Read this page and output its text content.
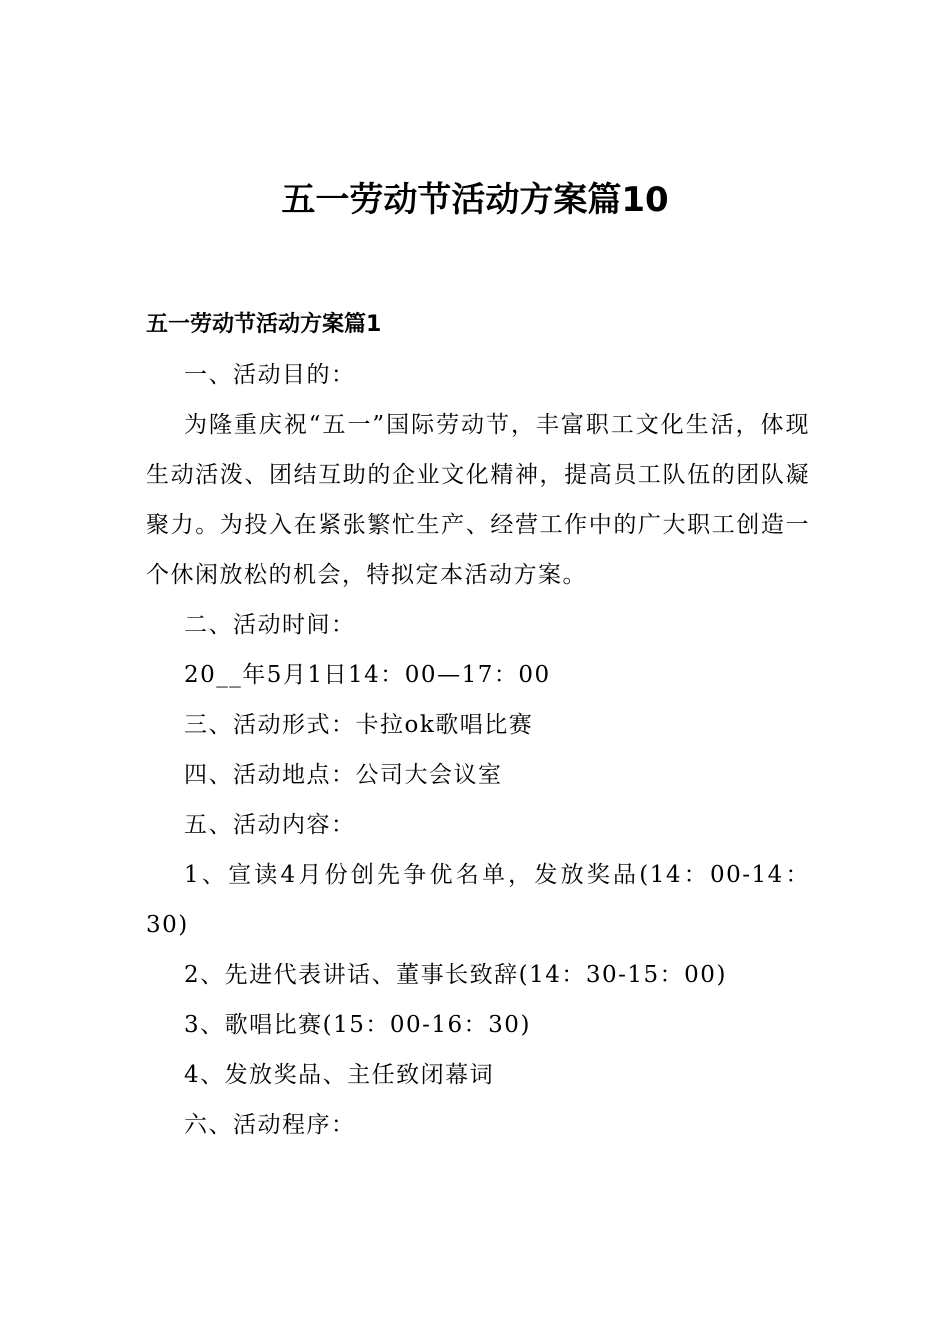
五一劳动节活动方案篇10
五一劳动节活动方案篇1

一、活动目的：

为隆重庆祝“五一”国际劳动节，丰富职工文化生活，体现生动活泼、团结互助的企业文化精神，提高员工队伍的团队凝聚力。为投入在紧张繁忙生产、经营工作中的广大职工创造一个休闲放松的机会，特拟定本活动方案。

二、活动时间：

20__年5月1日14：00—17：00

三、活动形式：卡拉ok歌唱比赛

四、活动地点：公司大会议室

五、活动内容：

1、宣读4月份创先争优名单，发放奖品(14：00-14：30)

2、先进代表讲话、董事长致辞(14：30-15：00)

3、歌唱比赛(15：00-16：30)

4、发放奖品、主任致闭幕词

六、活动程序：
